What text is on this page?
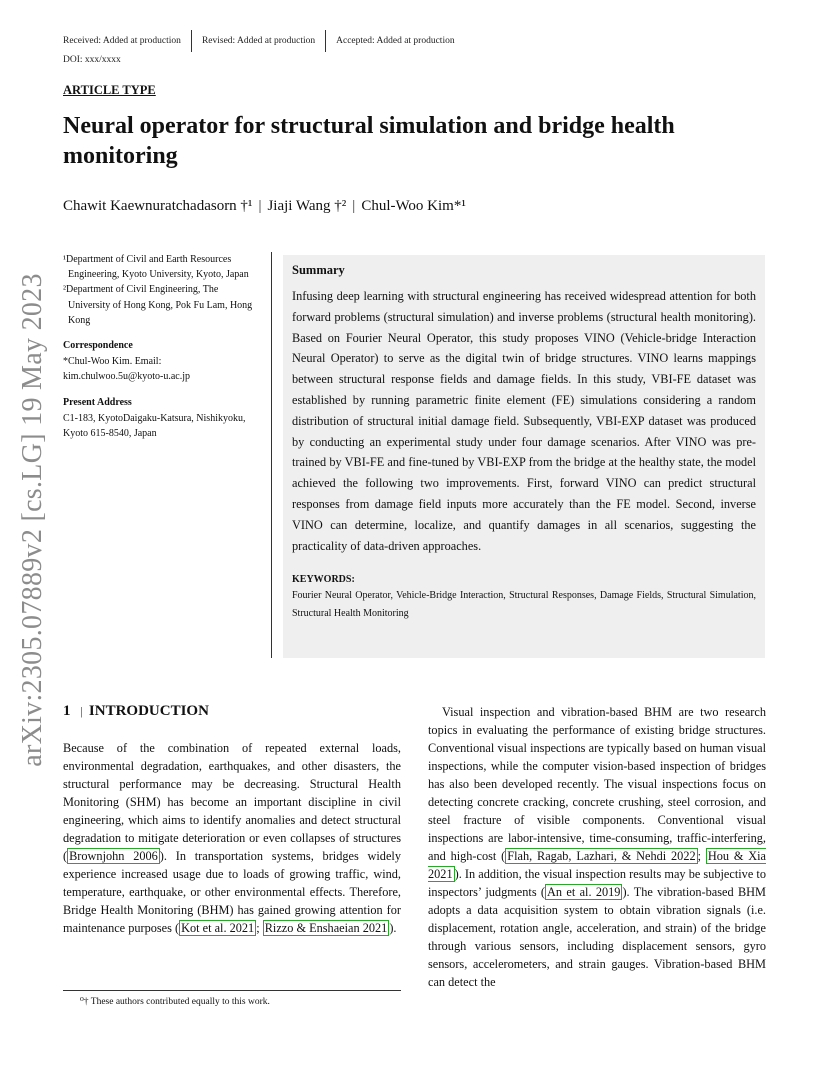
Received: Added at production	Revised: Added at production	Accepted: Added at production
DOI: xxx/xxxx
ARTICLE TYPE
Neural operator for structural simulation and bridge health monitoring
Chawit Kaewnuratchadasorn †¹ | Jiaji Wang †² | Chul-Woo Kim*¹
arXiv:2305.07889v2 [cs.LG] 19 May 2023

¹Department of Civil and Earth Resources
Engineering, Kyoto University, Kyoto, Japan

²Department of Civil Engineering, The
University of Hong Kong, Pok Fu Lam, Hong Kong

Correspondence
*Chul-Woo Kim. Email: kim.chulwoo.5u@kyoto-u.ac.jp
Present Address
C1-183, KyotoDaigaku-Katsura, Nishikyoku, Kyoto 615-8540, Japan
Summary

Infusing deep learning with structural engineering has received widespread attention for both forward problems (structural simulation) and inverse problems (structural health monitoring). Based on Fourier Neural Operator, this study proposes VINO (Vehicle-bridge Interaction Neural Operator) to serve as the digital twin of bridge structures. VINO learns mappings between structural response fields and damage fields. In this study, VBI-FE dataset was established by running parametric finite element (FE) simulations considering a random distribution of structural initial damage field. Subsequently, VBI-EXP dataset was produced by conducting an experimental study under four damage scenarios. After VINO was pre-trained by VBI-FE and fine-tuned by VBI-EXP from the bridge at the healthy state, the model achieved the following two improvements. First, forward VINO can predict structural responses from damage field inputs more accurately than the FE model. Second, inverse VINO can determine, localize, and quantify damages in all scenarios, suggesting the practicality of data-driven approaches.

KEYWORDS:

Fourier Neural Operator, Vehicle-Bridge Interaction, Structural Responses, Damage Fields, Structural Simulation, Structural Health Monitoring

1 | INTRODUCTION

Because of the combination of repeated external loads, environmental degradation, earthquakes, and other disasters, the structural performance may be decreasing. Structural Health Monitoring (SHM) has become an important discipline in civil engineering, which aims to identify anomalies and detect structural degradation to mitigate deterioration or even collapses of structures ( Brownjohn 2006 ). In transportation systems, bridges widely experience increased usage due to loads of growing traffic, wind, temperature, earthquake, or other environmental effects. Therefore, Bridge Health Monitoring (BHM) has gained growing attention for maintenance purposes ( Kot et al. 2021 ; Rizzo & Enshaeian 2021 ).

Visual inspection and vibration-based BHM are two research topics in evaluating the performance of existing bridge structures. Conventional visual inspections are typically based on human visual inspections, while the computer vision-based inspection of bridges has also been developed recently. The visual inspections focus on detecting concrete cracking, concrete crushing, steel corrosion, and steel fracture of visible components. Conventional visual inspections are labor-intensive, time-consuming, traffic-interfering, and high-cost ( Flah, Ragab, Lazhari, & Nehdi 2022 ; Hou & Xia 2021 ). In addition, the visual inspection results may be subjective to inspectors’ judgments ( An et al. 2019 ). The vibration-based BHM adopts a data acquisition system to obtain vibration signals (i.e. displacement, rotation angle, acceleration, and strain) of the bridge through various sensors, including displacement sensors, gyro sensors, accelerometers, and strain gauges. Vibration-based BHM can detect the

⁰† These authors contributed equally to this work.
